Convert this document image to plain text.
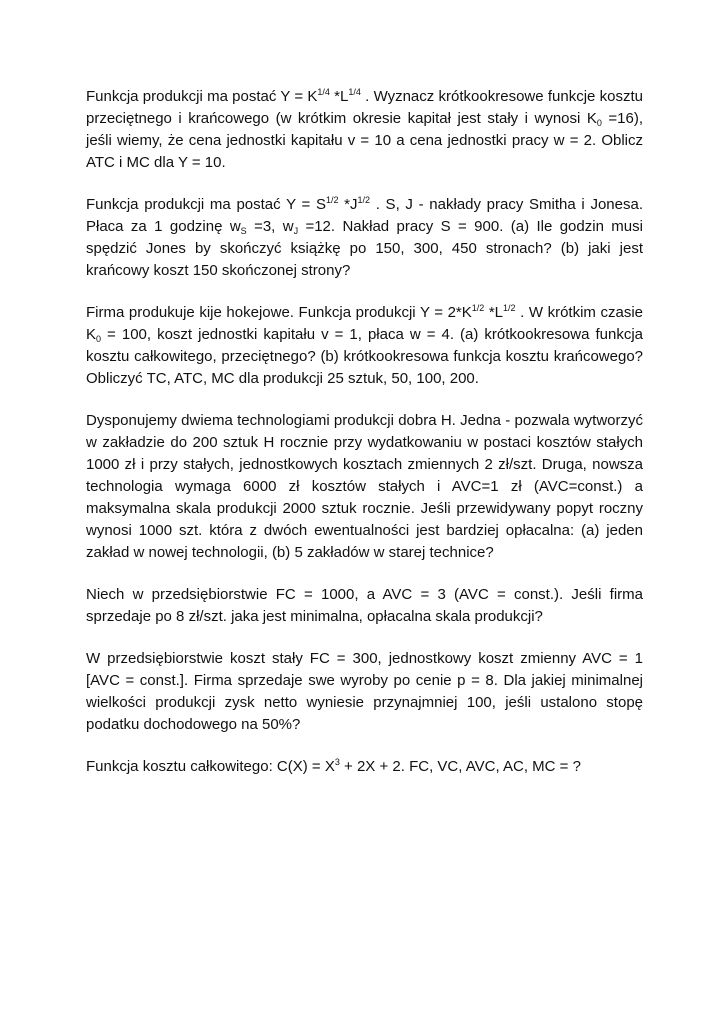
Funkcja produkcji ma postać $Y = K^{1/4}$ $*L^{1/4}$ . Wyznacz krótkookresowe funkcje kosztu przeciętnego i krańcowego (w krótkim okresie kapitał jest stały i wynosi $K_0 =16$), jeśli wiemy, że cena jednostki kapitału v = 10 a cena jednostki pracy w = 2. Oblicz ATC i MC dla Y = 10.

Funkcja produkcji ma postać $Y = S^{1/2}$ $*J^{1/2}$ . S, J - nakłady pracy Smitha i Jonesa. Płaca za 1 godzinę $w_S =3$, $w_J =12$. Nakład pracy S = 900. (a) Ile godzin musi spędzić Jones by skończyć książkę po 150, 300, 450 stronach? (b) jaki jest krańcowy koszt 150 skończonej strony?

Firma produkuje kije hokejowe. Funkcja produkcji $Y = 2*K^{1/2}$ $*L^{1/2}$ . W krótkim czasie $K_0 = 100$, koszt jednostki kapitału v = 1, płaca w = 4. (a) krótkookresowa funkcja kosztu całkowitego, przeciętnego? (b) krótkookresowa funkcja kosztu krańcowego? Obliczyć TC, ATC, MC dla produkcji 25 sztuk, 50, 100, 200.

Dysponujemy dwiema technologiami produkcji dobra H. Jedna - pozwala wytworzyć w zakładzie do 200 sztuk H rocznie przy wydatkowaniu w postaci kosztów stałych 1000 zł i przy stałych, jednostkowych kosztach zmiennych 2 zł/szt. Druga, nowsza technologia wymaga 6000 zł kosztów stałych i AVC=1 zł (AVC=const.) a maksymalna skala produkcji 2000 sztuk rocznie. Jeśli przewidywany popyt roczny wynosi 1000 szt. która z dwóch ewentualności jest bardziej opłacalna: (a) jeden zakład w nowej technologii, (b) 5 zakładów w starej technice?

Niech w przedsiębiorstwie FC = 1000, a AVC = 3 (AVC = const.). Jeśli firma sprzedaje po 8 zł/szt. jaka jest minimalna, opłacalna skala produkcji?

W przedsiębiorstwie koszt stały FC = 300, jednostkowy koszt zmienny AVC = 1 [AVC = const.]. Firma sprzedaje swe wyroby po cenie p = 8. Dla jakiej minimalnej wielkości produkcji zysk netto wyniesie przynajmniej 100, jeśli ustalono stopę podatku dochodowego na 50%?

Funkcja kosztu całkowitego: $C(X) = X^3 + 2X + 2$. FC, VC, AVC, AC, MC = ?
